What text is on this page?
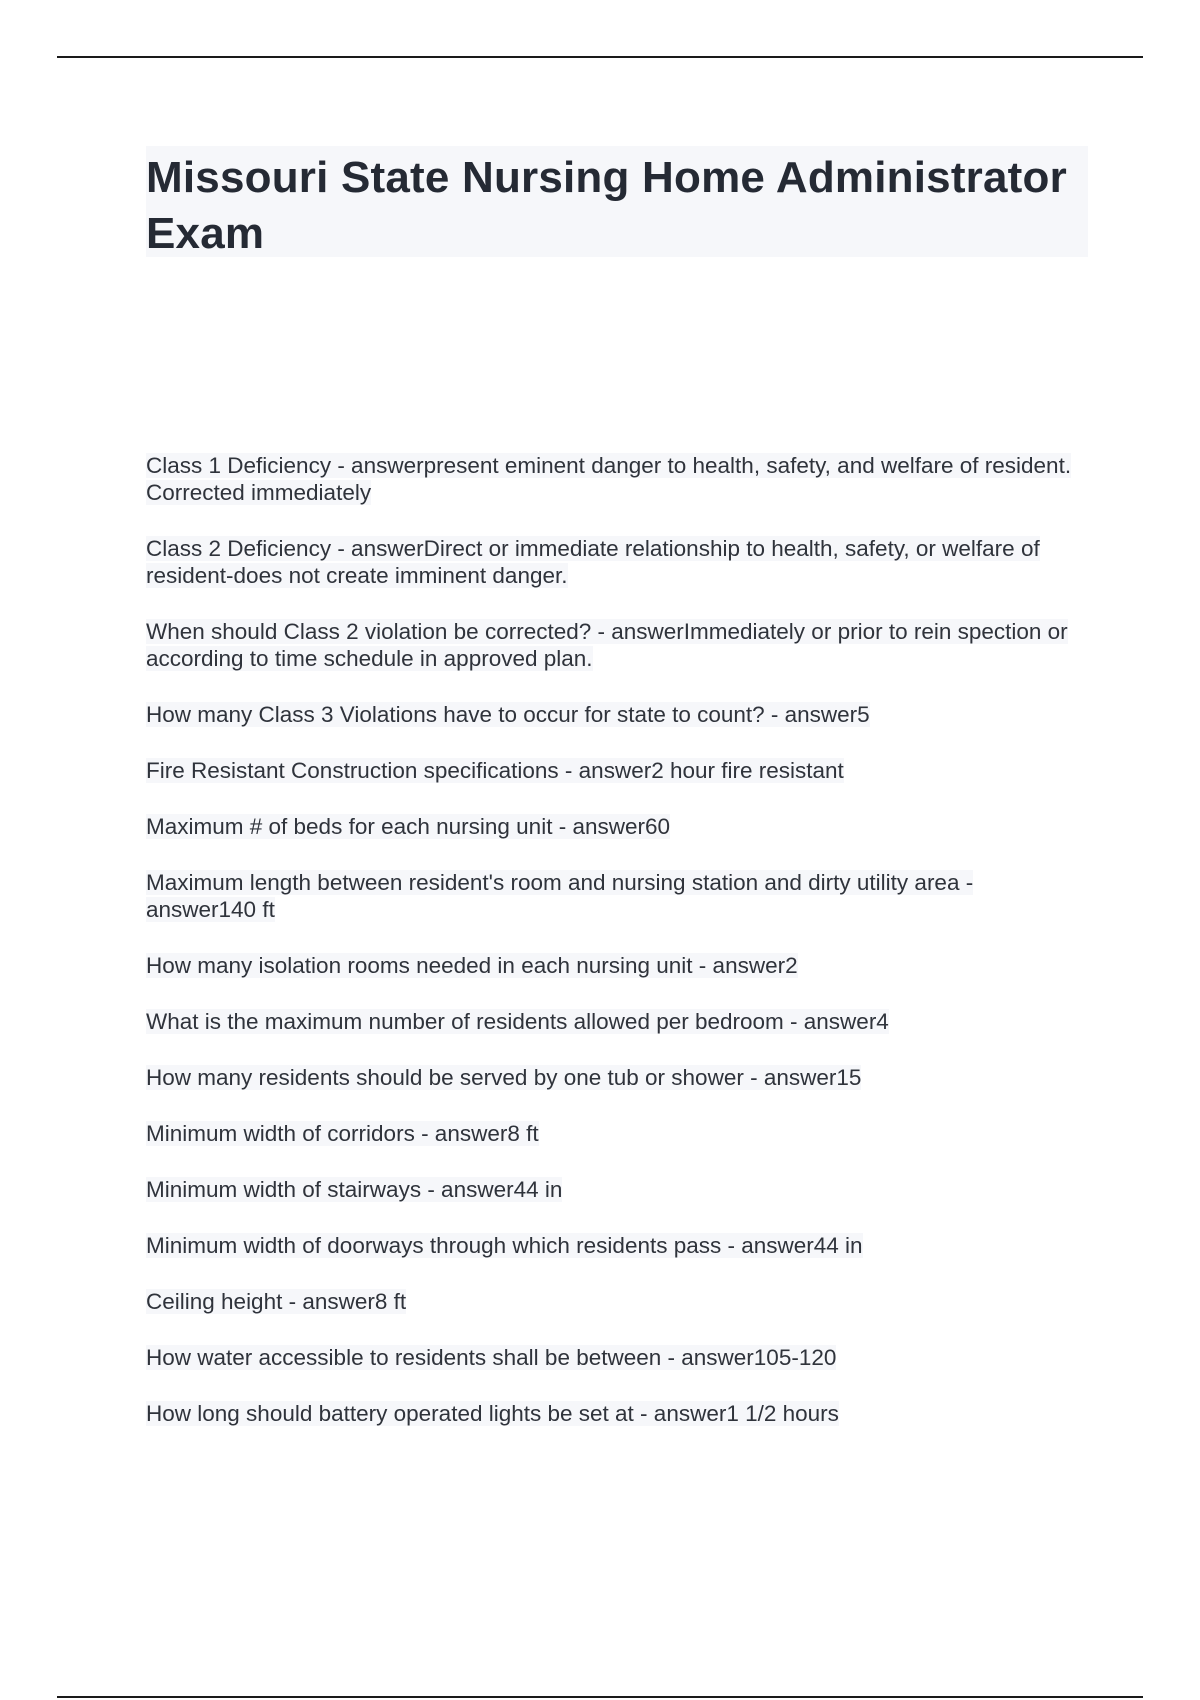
Missouri State Nursing Home Administrator Exam
Class 1 Deficiency - answerpresent eminent danger to health, safety, and welfare of resident. Corrected immediately
Class 2 Deficiency - answerDirect or immediate relationship to health, safety, or welfare of resident-does not create imminent danger.
When should Class 2 violation be corrected? - answerImmediately or prior to rein spection or according to time schedule in approved plan.
How many Class 3 Violations have to occur for state to count? - answer5
Fire Resistant Construction specifications - answer2 hour fire resistant
Maximum # of beds for each nursing unit - answer60
Maximum length between resident's room and nursing station and dirty utility area - answer140 ft
How many isolation rooms needed in each nursing unit - answer2
What is the maximum number of residents allowed per bedroom - answer4
How many residents should be served by one tub or shower - answer15
Minimum width of corridors - answer8 ft
Minimum width of stairways - answer44 in
Minimum width of doorways through which residents pass - answer44 in
Ceiling height - answer8 ft
How water accessible to residents shall be between - answer105-120
How long should battery operated lights be set at - answer1 1/2 hours
